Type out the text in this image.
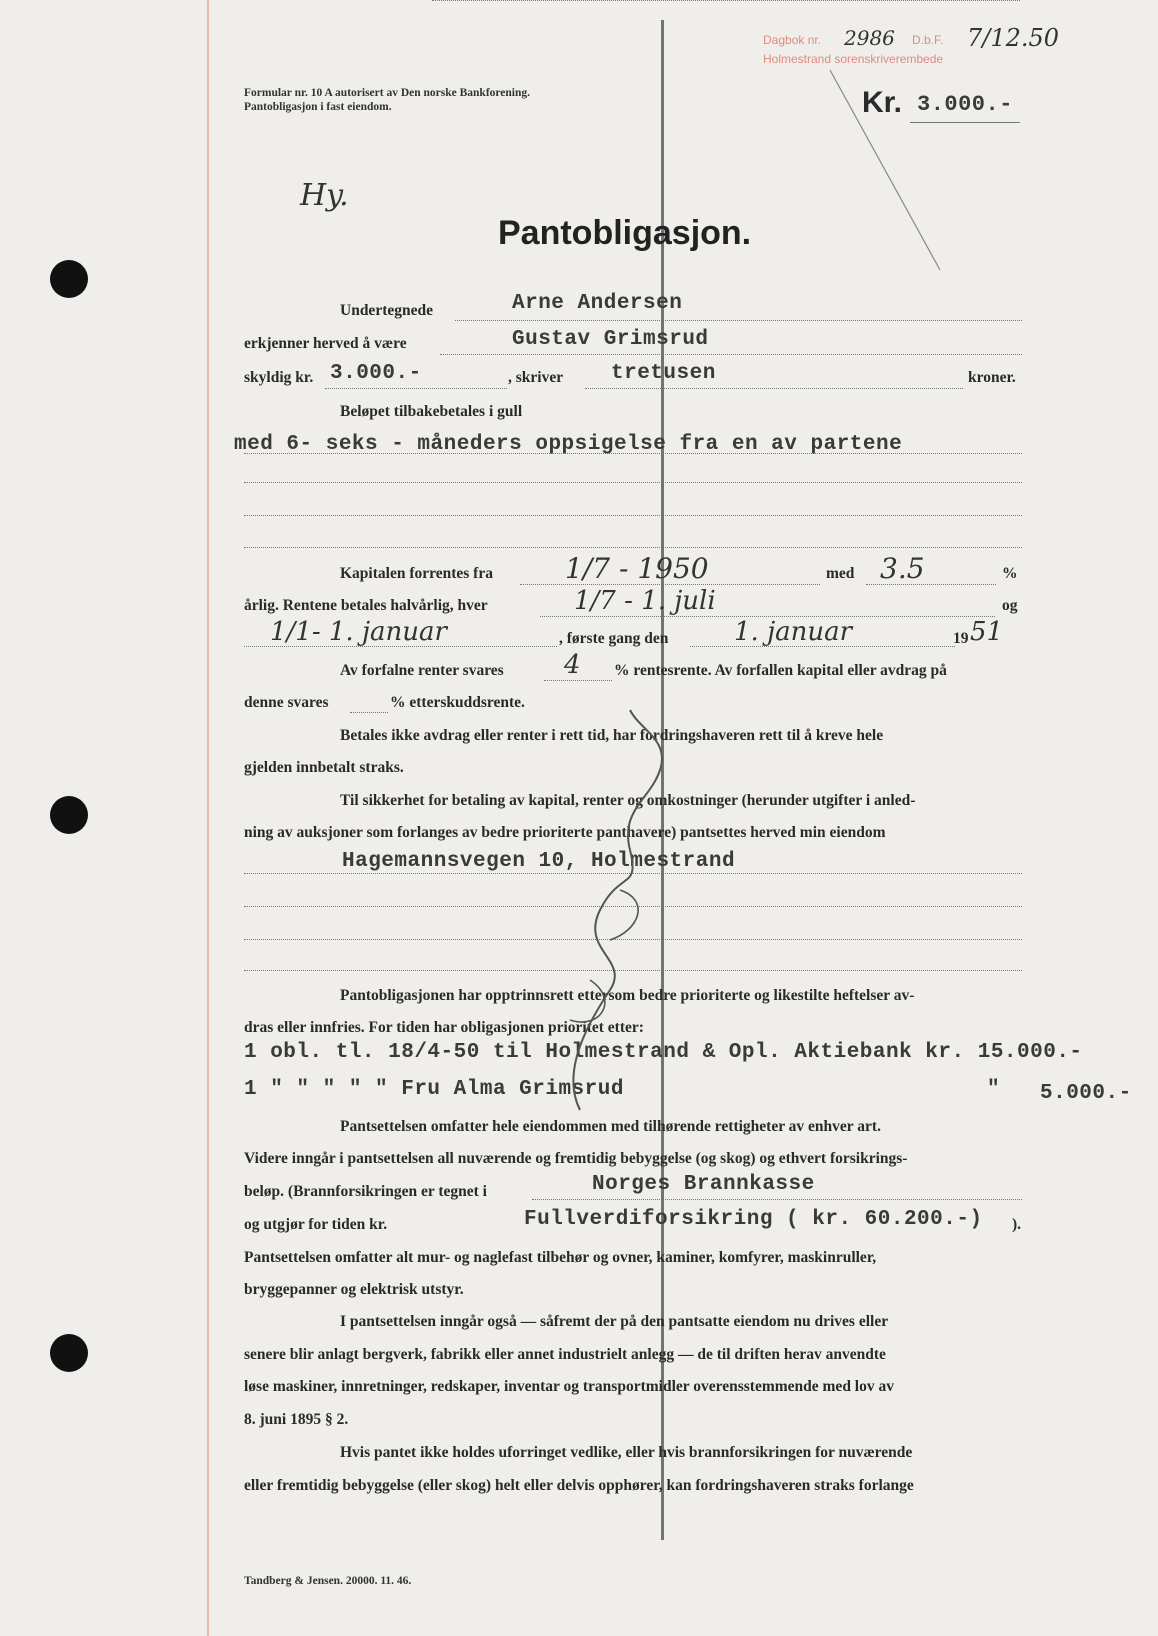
Dagbok nr. 2986 D.b.F. 7/12.50
Holmestrand sorenskriverembede
Formular nr. 10 A autorisert av Den norske Bankforening.
Pantobligasjon i fast eiendom.	Kr. 3.000.-
Hy.
Pantobligasjon.
Undertegnede	Arne Andersen
erkjenner herved å være	Gustav Grimsrud
skyldig kr. 3.000.-	, skriver tretusen	kroner.
Beløpet tilbakebetales i gull
med 6- seks - måneders oppsigelse fra en av partene
Kapitalen forrentes fra	1/7 - 1950	med 3.5	%
årlig. Rentene betales halvårlig, hver	1/7 - 1. juli	og
1/1- 1. januar	, første gang den	1. januar	19 51
Av forfalne renter svares 4 % rentesrente. Av forfallen kapital eller avdrag på
denne svares	% etterskuddsrente.
Betales ikke avdrag eller renter i rett tid, har fordringshaveren rett til å kreve hele
gjelden innbetalt straks.
Til sikkerhet for betaling av kapital, renter og omkostninger (herunder utgifter i anled-
ning av auksjoner som forlanges av bedre prioriterte panthavere) pantsettes herved min eiendom
Hagemannsvegen 10, Holmestrand
Pantobligasjonen har opptrinnsrett ettersom bedre prioriterte og likestilte heftelser av-
dras eller innfries. For tiden har obligasjonen prioritet etter:
1 obl. tl. 18/4-50 til Holmestrand & Opl. Aktiebank kr. 15.000.-
1 " " " " " Fru Alma Grimsrud	" 5.000.-
Pantsettelsen omfatter hele eiendommen med tilhørende rettigheter av enhver art.
Videre inngår i pantsettelsen all nuværende og fremtidig bebyggelse (og skog) og ethvert forsikrings-
beløp. (Brannforsikringen er tegnet i	Norges Brannkasse
og utgjør for tiden kr.	Fullverdiforsikring ( kr. 60.200.-) ).
Pantsettelsen omfatter alt mur- og naglefast tilbehør og ovner, kaminer, komfyrer, maskinruller,
bryggepanner og elektrisk utstyr.
I pantsettelsen inngår også — såfremt der på den pantsatte eiendom nu drives eller
senere blir anlagt bergverk, fabrikk eller annet industrielt anlegg — de til driften herav anvendte
løse maskiner, innretninger, redskaper, inventar og transportmidler overensstemmende med lov av
8. juni 1895 § 2.
Hvis pantet ikke holdes uforringet vedlike, eller hvis brannforsikringen for nuværende
eller fremtidig bebyggelse (eller skog) helt eller delvis opphører, kan fordringshaveren straks forlange
Tandberg & Jensen. 20000. 11. 46.
